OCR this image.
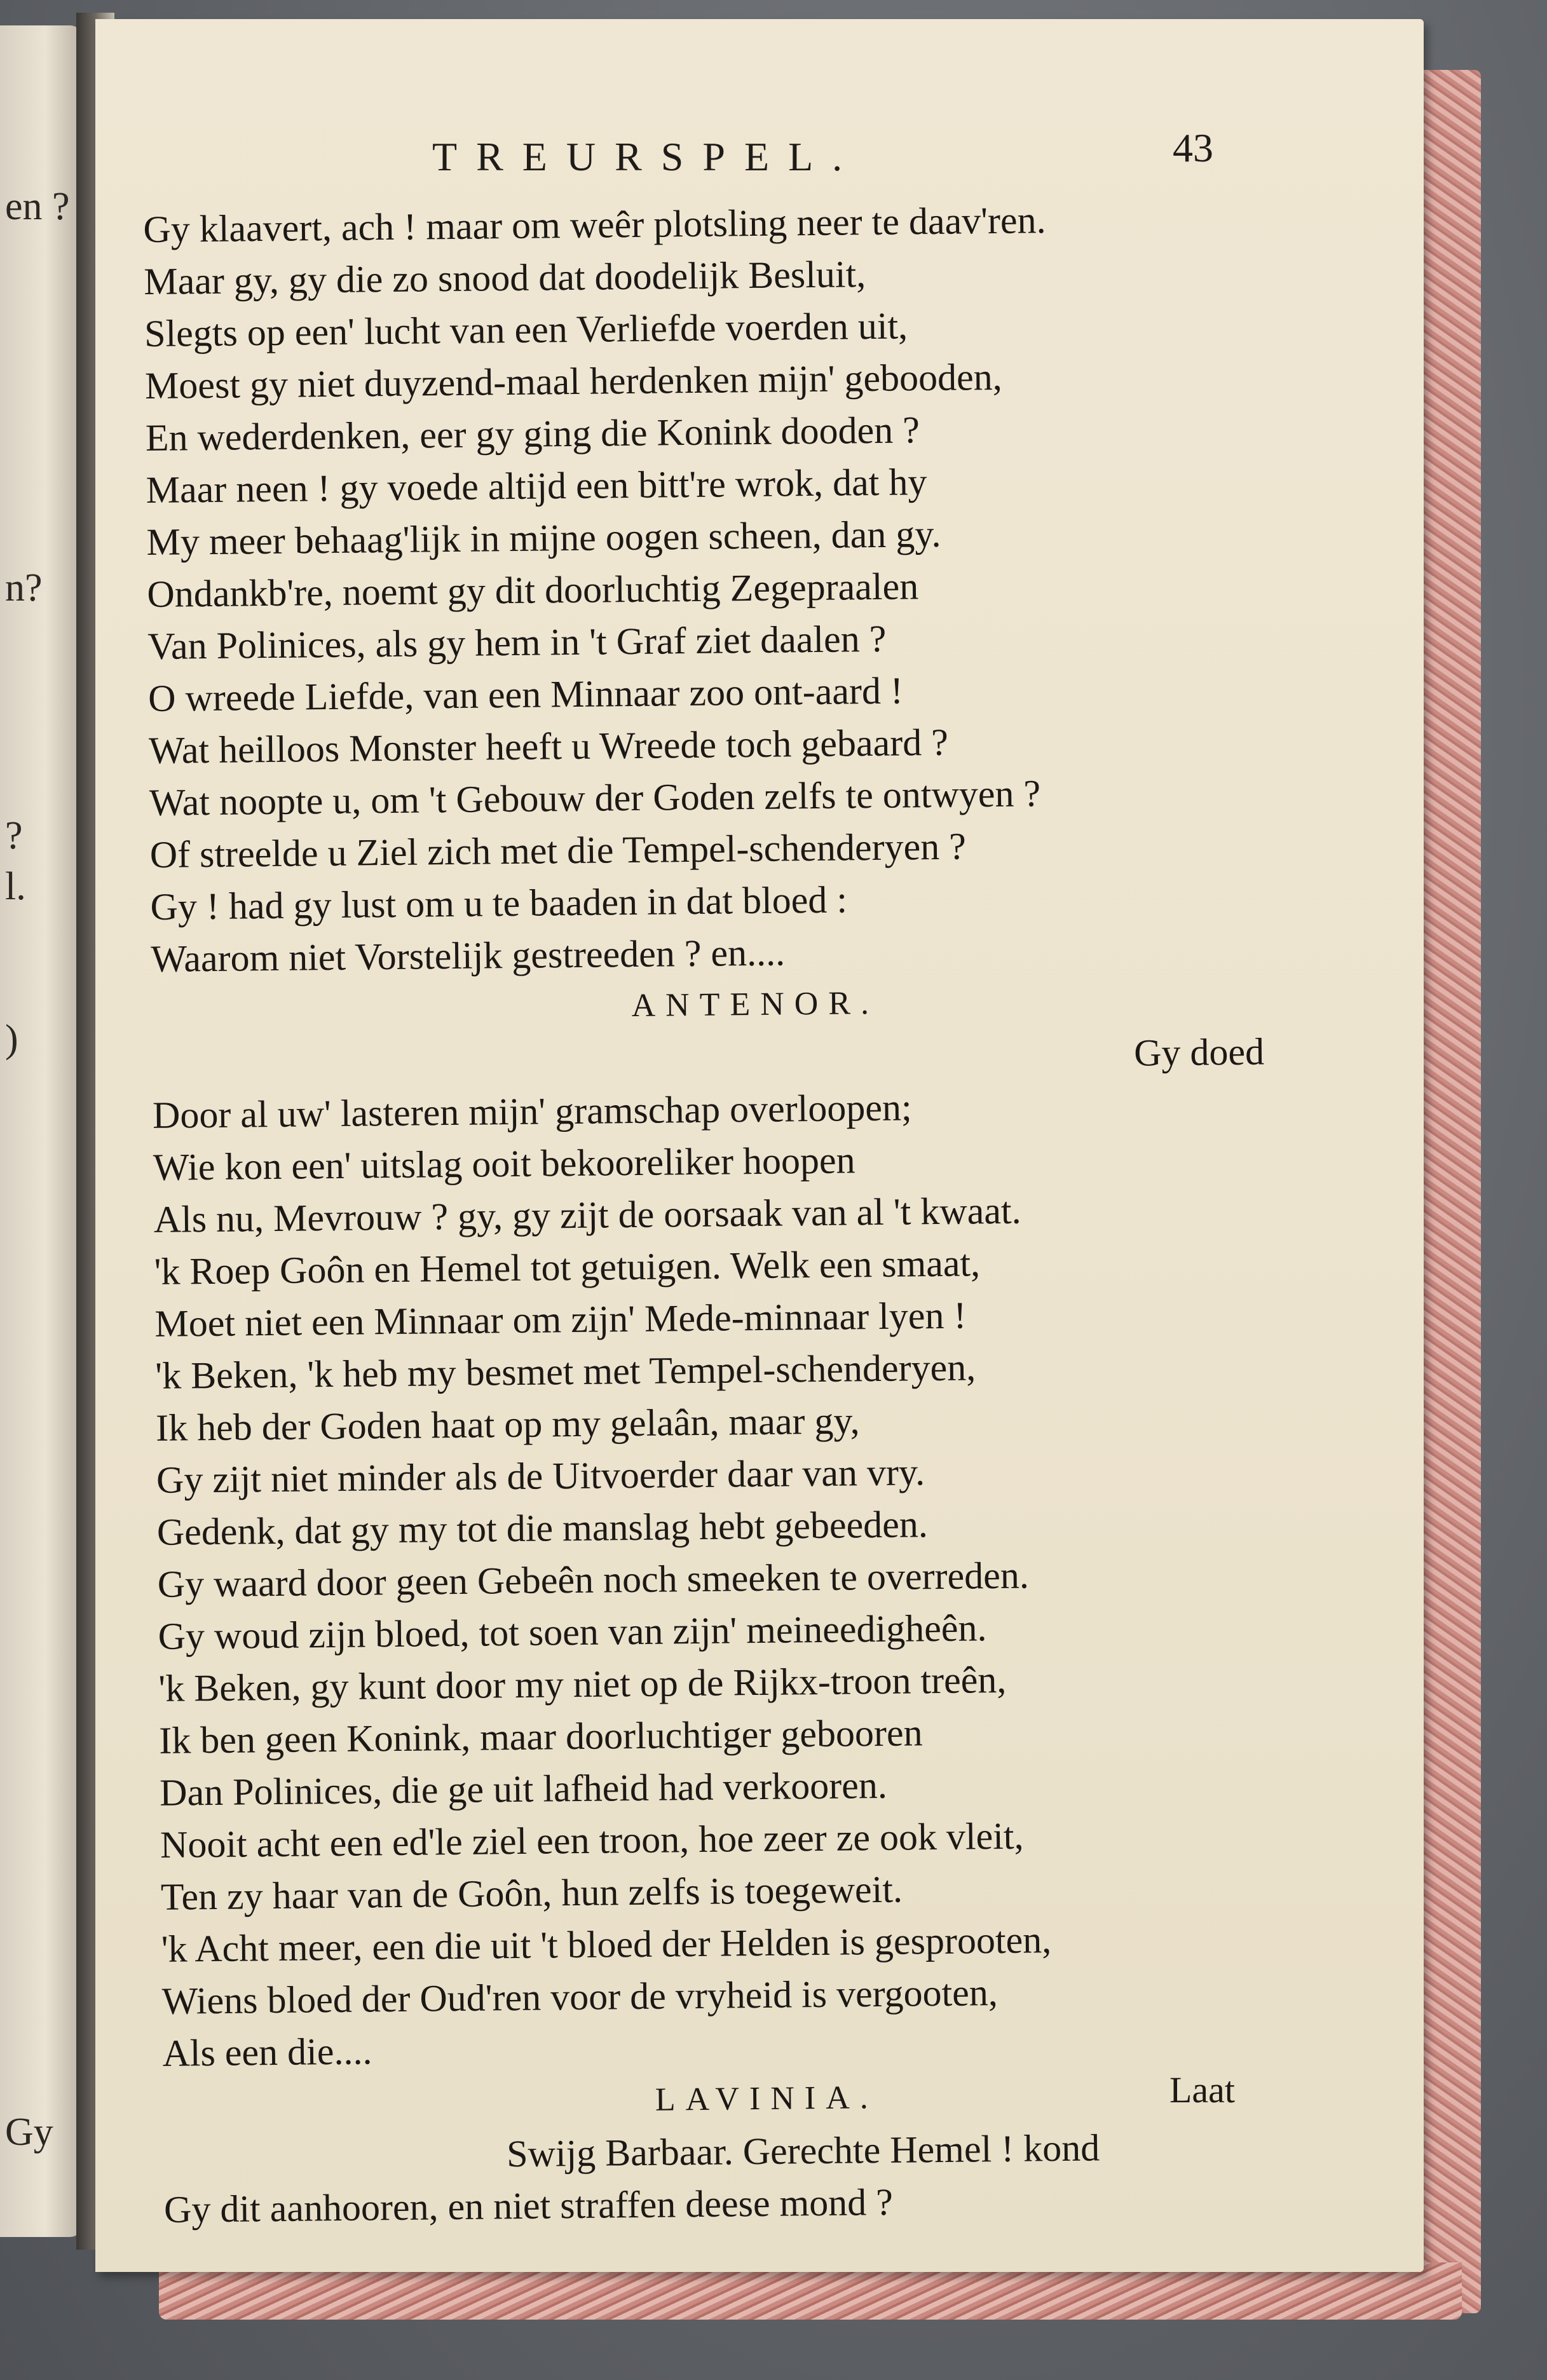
en ?
n?
?
l.
)
Gy
TREURSPEL.	43
Gy klaavert, ach ! maar om weêr plotsling neer te daav'ren.
Maar gy, gy die zo snood dat doodelijk Besluit,
Slegts op een' lucht van een Verliefde voerden uit,
Moest gy niet duyzend-maal herdenken mijn' gebooden,
En wederdenken, eer gy ging die Konink dooden ?
Maar neen ! gy voede altijd een bitt're wrok, dat hy
My meer behaag'lijk in mijne oogen scheen, dan gy.
Ondankb're, noemt gy dit doorluchtig Zegepraalen
Van Polinices, als gy hem in 't Graf ziet daalen ?
O wreede Liefde, van een Minnaar zoo ont-aard !
Wat heilloos Monster heeft u Wreede toch gebaard ?
Wat noopte u, om 't Gebouw der Goden zelfs te ontwyen ?
Of streelde u Ziel zich met die Tempel-schenderyen ?
Gy ! had gy lust om u te baaden in dat bloed :
Waarom niet Vorstelijk gestreeden ? en....
ANTENOR.
Gy doed
Door al uw' lasteren mijn' gramschap overloopen;
Wie kon een' uitslag ooit bekooreliker hoopen
Als nu, Mevrouw ? gy, gy zijt de oorsaak van al 't kwaat.
'k Roep Goôn en Hemel tot getuigen. Welk een smaat,
Moet niet een Minnaar om zijn' Mede-minnaar lyen !
'k Beken, 'k heb my besmet met Tempel-schenderyen,
Ik heb der Goden haat op my gelaân, maar gy,
Gy zijt niet minder als de Uitvoerder daar van vry.
Gedenk, dat gy my tot die manslag hebt gebeeden.
Gy waard door geen Gebeên noch smeeken te overreden.
Gy woud zijn bloed, tot soen van zijn' meineedigheên.
'k Beken, gy kunt door my niet op de Rijkx-troon treên,
Ik ben geen Konink, maar doorluchtiger gebooren
Dan Polinices, die ge uit lafheid had verkooren.
Nooit acht een ed'le ziel een troon, hoe zeer ze ook vleit,
Ten zy haar van de Goôn, hun zelfs is toegeweit.
'k Acht meer, een die uit 't bloed der Helden is gesprooten,
Wiens bloed der Oud'ren voor de vryheid is vergooten,
Als een die....
LAVINIA.
Swijg Barbaar. Gerechte Hemel ! kond
Gy dit aanhooren, en niet straffen deese mond ?
Laat
